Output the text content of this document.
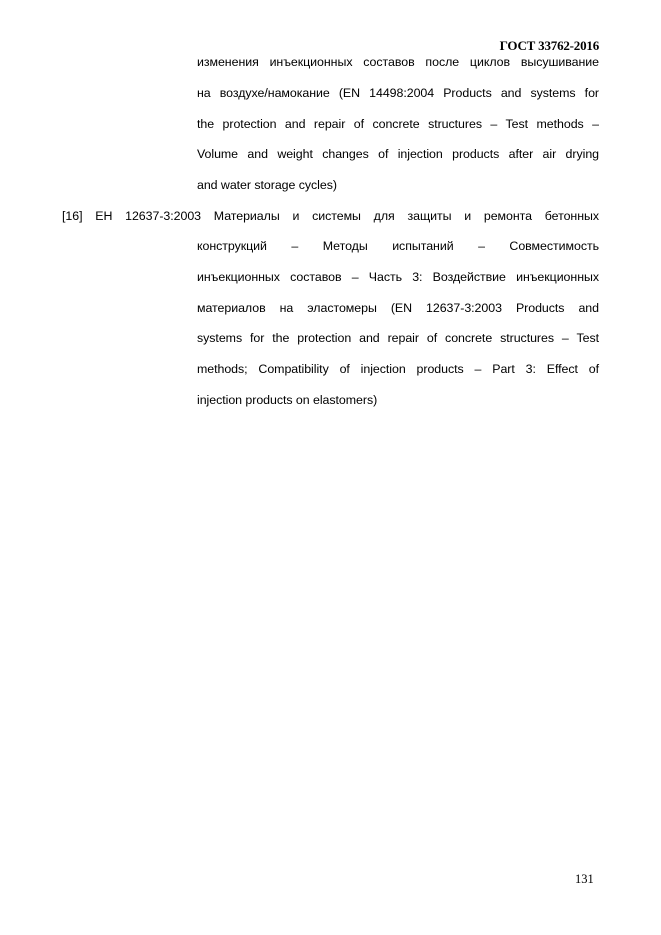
ГОСТ 33762-2016
изменения инъекционных составов после циклов высушивание
на воздухе/намокание (EN 14498:2004 Products and systems for
the protection and repair of concrete structures – Test methods –
Volume and weight changes of injection products after air drying
and water storage cycles)
[16] ЕН 12637-3:2003 Материалы и системы для защиты и ремонта бетонных
конструкций – Методы испытаний – Совместимость
инъекционных составов – Часть 3: Воздействие инъекционных
материалов на эластомеры (EN 12637-3:2003 Products and
systems for the protection and repair of concrete structures – Test
methods; Compatibility of injection products – Part 3: Effect of
injection products on elastomers)
131
